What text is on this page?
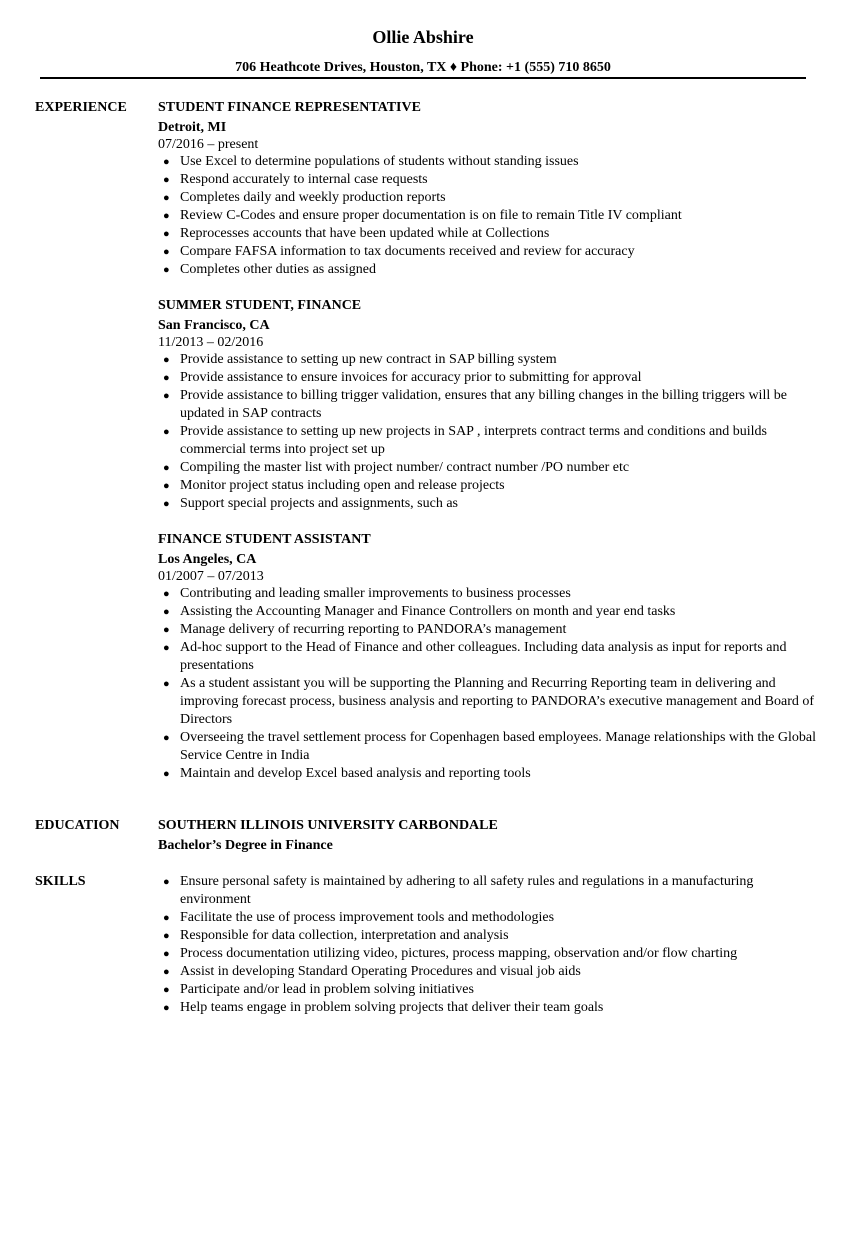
Ollie Abshire
706 Heathcote Drives, Houston, TX ♦ Phone: +1 (555) 710 8650
EXPERIENCE STUDENT FINANCE REPRESENTATIVE
Detroit, MI
07/2016 – present
● Use Excel to determine populations of students without standing issues
● Respond accurately to internal case requests
● Completes daily and weekly production reports
● Review C-Codes and ensure proper documentation is on file to remain Title IV compliant
● Reprocesses accounts that have been updated while at Collections
● Compare FAFSA information to tax documents received and review for accuracy
● Completes other duties as assigned
SUMMER STUDENT, FINANCE
San Francisco, CA
11/2013 – 02/2016
● Provide assistance to setting up new contract in SAP billing system
● Provide assistance to ensure invoices for accuracy prior to submitting for approval
● Provide assistance to billing trigger validation, ensures that any billing changes in the billing triggers will be updated in SAP contracts
● Provide assistance to setting up new projects in SAP , interprets contract terms and conditions and builds commercial terms into project set up
● Compiling the master list with project number/ contract number /PO number etc
● Monitor project status including open and release projects
● Support special projects and assignments, such as
FINANCE STUDENT ASSISTANT
Los Angeles, CA
01/2007 – 07/2013
● Contributing and leading smaller improvements to business processes
● Assisting the Accounting Manager and Finance Controllers on month and year end tasks
● Manage delivery of recurring reporting to PANDORA’s management
● Ad-hoc support to the Head of Finance and other colleagues. Including data analysis as input for reports and presentations
● As a student assistant you will be supporting the Planning and Recurring Reporting team in delivering and improving forecast process, business analysis and reporting to PANDORA’s executive management and Board of Directors
● Overseeing the travel settlement process for Copenhagen based employees. Manage relationships with the Global Service Centre in India
● Maintain and develop Excel based analysis and reporting tools
EDUCATION	SOUTHERN ILLINOIS UNIVERSITY CARBONDALE
Bachelor’s Degree in Finance
SKILLS	● Ensure personal safety is maintained by adhering to all safety rules and regulations in a manufacturing environment
● Facilitate the use of process improvement tools and methodologies
● Responsible for data collection, interpretation and analysis
● Process documentation utilizing video, pictures, process mapping, observation and/or flow charting
● Assist in developing Standard Operating Procedures and visual job aids
● Participate and/or lead in problem solving initiatives
● Help teams engage in problem solving projects that deliver their team goals
